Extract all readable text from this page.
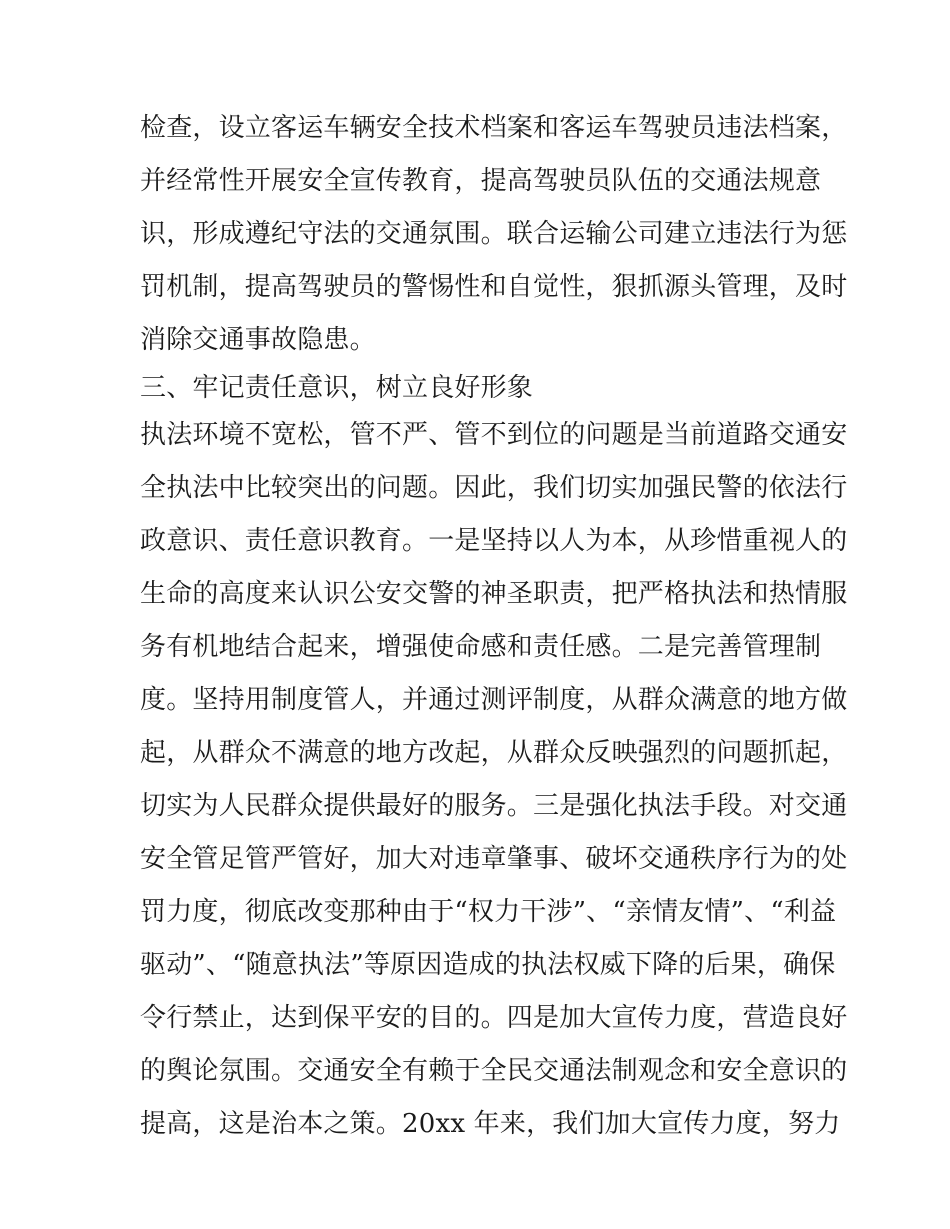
检查，设立客运车辆安全技术档案和客运车驾驶员违法档案，
并经常性开展安全宣传教育，提高驾驶员队伍的交通法规意
识，形成遵纪守法的交通氛围。联合运输公司建立违法行为惩
罚机制，提高驾驶员的警惕性和自觉性，狠抓源头管理，及时
消除交通事故隐患。
三、牢记责任意识，树立良好形象
执法环境不宽松，管不严、管不到位的问题是当前道路交通安
全执法中比较突出的问题。因此，我们切实加强民警的依法行
政意识、责任意识教育。一是坚持以人为本，从珍惜重视人的
生命的高度来认识公安交警的神圣职责，把严格执法和热情服
务有机地结合起来，增强使命感和责任感。二是完善管理制
度。坚持用制度管人，并通过测评制度，从群众满意的地方做
起，从群众不满意的地方改起，从群众反映强烈的问题抓起，
切实为人民群众提供最好的服务。三是强化执法手段。对交通
安全管足管严管好，加大对违章肇事、破坏交通秩序行为的处
罚力度，彻底改变那种由于“权力干涉”、“亲情友情”、“利益
驱动”、“随意执法”等原因造成的执法权威下降的后果，确保
令行禁止，达到保平安的目的。四是加大宣传力度，营造良好
的舆论氛围。交通安全有赖于全民交通法制观念和安全意识的
提高，这是治本之策。20xx 年来，我们加大宣传力度，努力
